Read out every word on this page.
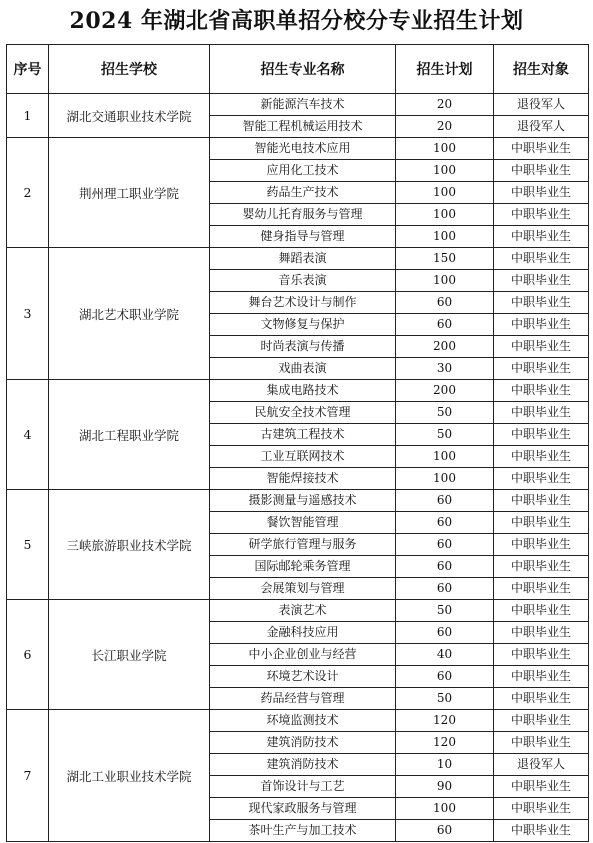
2024 年湖北省高职单招分校分专业招生计划
序号	招生学校	招生专业名称	招生计划	招生对象
1	湖北交通职业技术学院	新能源汽车技术	20	退役军人
		智能工程机械运用技术	20	退役军人
2	荆州理工职业学院	智能光电技术应用	100	中职毕业生
		应用化工技术	100	中职毕业生
		药品生产技术	100	中职毕业生
		婴幼儿托育服务与管理	100	中职毕业生
		健身指导与管理	100	中职毕业生
3	湖北艺术职业学院	舞蹈表演	150	中职毕业生
		音乐表演	100	中职毕业生
		舞台艺术设计与制作	60	中职毕业生
		文物修复与保护	60	中职毕业生
		时尚表演与传播	200	中职毕业生
		戏曲表演	30	中职毕业生
4	湖北工程职业学院	集成电路技术	200	中职毕业生
		民航安全技术管理	50	中职毕业生
		古建筑工程技术	50	中职毕业生
		工业互联网技术	100	中职毕业生
		智能焊接技术	100	中职毕业生
5	三峡旅游职业技术学院	摄影测量与遥感技术	60	中职毕业生
		餐饮智能管理	60	中职毕业生
		研学旅行管理与服务	60	中职毕业生
		国际邮轮乘务管理	60	中职毕业生
		会展策划与管理	60	中职毕业生
6	长江职业学院	表演艺术	50	中职毕业生
		金融科技应用	60	中职毕业生
		中小企业创业与经营	40	中职毕业生
		环境艺术设计	60	中职毕业生
		药品经营与管理	50	中职毕业生
7	湖北工业职业技术学院	环境监测技术	120	中职毕业生
		建筑消防技术	120	中职毕业生
		建筑消防技术	10	退役军人
		首饰设计与工艺	90	中职毕业生
		现代家政服务与管理	100	中职毕业生
		茶叶生产与加工技术	60	中职毕业生
